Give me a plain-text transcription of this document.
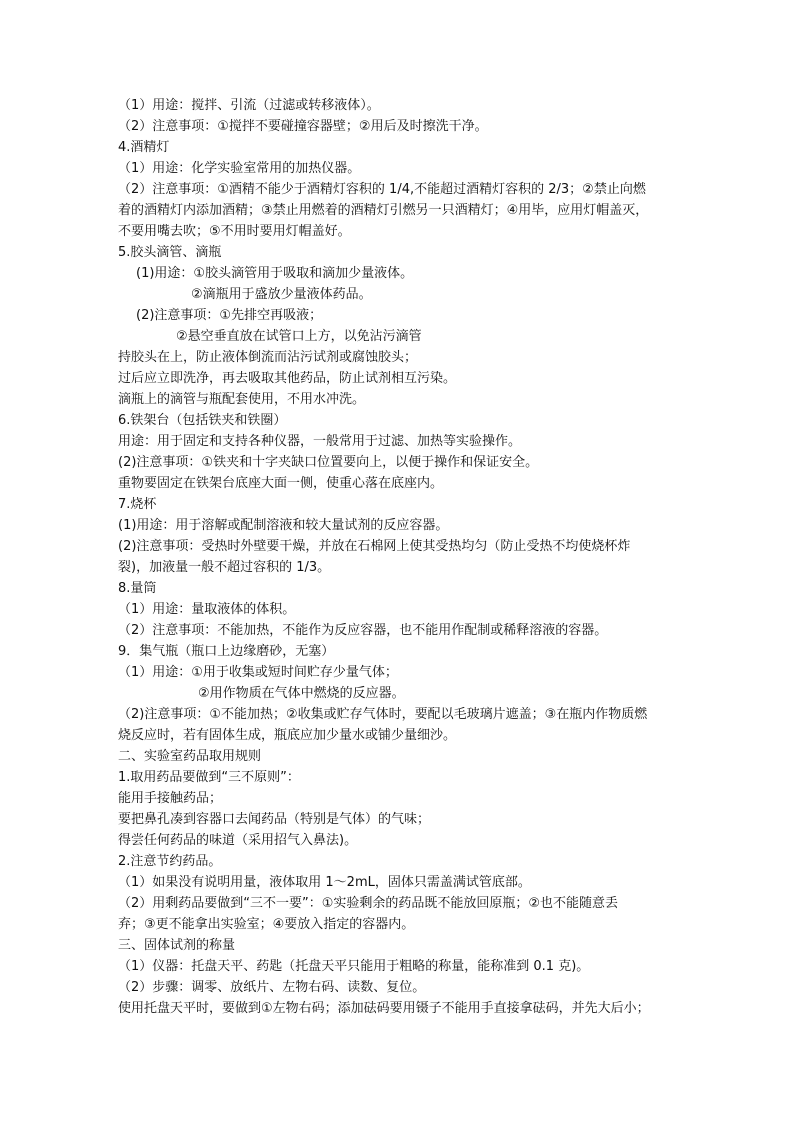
（1）用途：搅拌、引流（过滤或转移液体）。
（2）注意事项：①搅拌不要碰撞容器壁；②用后及时擦洗干净。
4.酒精灯
（1）用途：化学实验室常用的加热仪器。
（2）注意事项：①酒精不能少于酒精灯容积的 1/4,不能超过酒精灯容积的 2/3；②禁止向燃
着的酒精灯内添加酒精；③禁止用燃着的酒精灯引燃另一只酒精灯；④用毕，应用灯帽盖灭，
不要用嘴去吹；⑤不用时要用灯帽盖好。
5.胶头滴管、滴瓶
(1)用途：①胶头滴管用于吸取和滴加少量液体。
②滴瓶用于盛放少量液体药品。
(2)注意事项：①先排空再吸液；
②悬空垂直放在试管口上方，以免沾污滴管
持胶头在上，防止液体倒流而沾污试剂或腐蚀胶头；
过后应立即洗净，再去吸取其他药品，防止试剂相互污染。
滴瓶上的滴管与瓶配套使用，不用水冲洗。
6.铁架台（包括铁夹和铁圈）
用途：用于固定和支持各种仪器，一般常用于过滤、加热等实验操作。
(2)注意事项：①铁夹和十字夹缺口位置要向上，以便于操作和保证安全。
重物要固定在铁架台底座大面一侧，使重心落在底座内。
7.烧杯
(1)用途：用于溶解或配制溶液和较大量试剂的反应容器。
(2)注意事项：受热时外壁要干燥，并放在石棉网上使其受热均匀（防止受热不均使烧杯炸
裂)，加液量一般不超过容积的 1/3。
8.量筒
（1）用途：量取液体的体积。
（2）注意事项：不能加热，不能作为反应容器，也不能用作配制或稀释溶液的容器。
9．集气瓶（瓶口上边缘磨砂，无塞）
（1）用途：①用于收集或短时间贮存少量气体；
②用作物质在气体中燃烧的反应器。
（2)注意事项：①不能加热；②收集或贮存气体时，要配以毛玻璃片遮盖；③在瓶内作物质燃
烧反应时，若有固体生成，瓶底应加少量水或铺少量细沙。
二、实验室药品取用规则
1.取用药品要做到“三不原则”：
能用手接触药品；
要把鼻孔凑到容器口去闻药品（特别是气体）的气味；
得尝任何药品的味道（采用招气入鼻法)。
2.注意节约药品。
（1）如果没有说明用量，液体取用 1～2mL，固体只需盖满试管底部。
（2）用剩药品要做到“三不一要”：①实验剩余的药品既不能放回原瓶；②也不能随意丢
弃；③更不能拿出实验室；④要放入指定的容器内。
三、固体试剂的称量
（1）仪器：托盘天平、药匙（托盘天平只能用于粗略的称量，能称准到 0.1 克)。
（2）步骤：调零、放纸片、左物右码、读数、复位。
使用托盘天平时，要做到①左物右码；添加砝码要用镊子不能用手直接拿砝码，并先大后小；
